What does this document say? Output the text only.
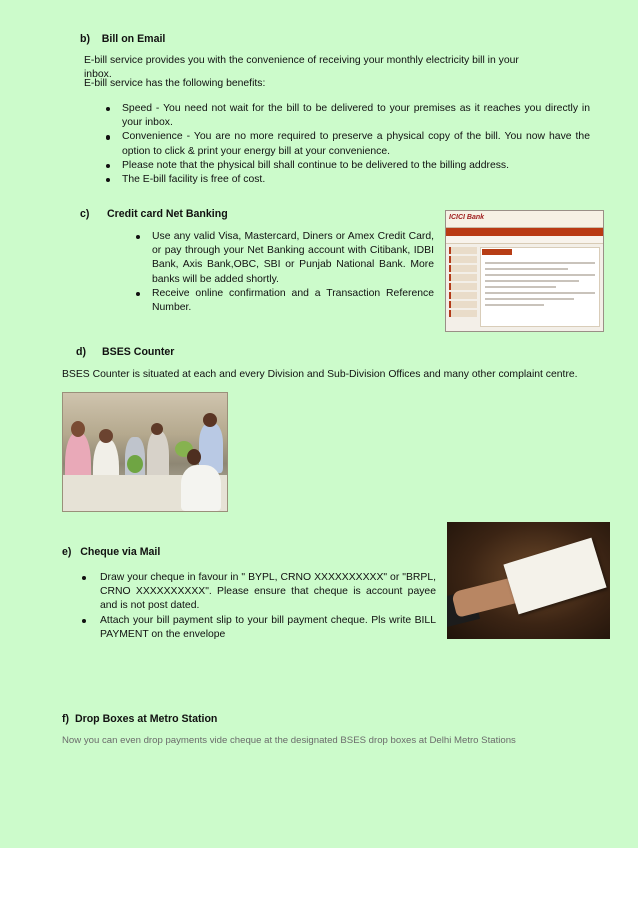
b)    Bill on Email
E-bill service provides you with the convenience of receiving your monthly electricity bill in your inbox.
E-bill service has the following benefits:
Speed - You need not wait for the bill to be delivered to your premises as it reaches you directly in your inbox.
Convenience - You are no more required to preserve a physical copy of the bill. You now have the option to click & print your energy bill at your convenience.
Please note that the physical bill shall continue to be delivered to the billing address.
The E-bill facility is free of cost.
c) Credit card Net Banking
Use any valid Visa, Mastercard, Diners or Amex Credit Card, or pay through your Net Banking account with Citibank, IDBI Bank, Axis Bank,OBC, SBI or Punjab National Bank. More banks will be added shortly.
Receive online confirmation and a Transaction Reference Number.
ICICI Bank
d) BSES Counter
BSES Counter is situated at each and every Division and Sub-Division Offices and many other complaint centre.
e)   Cheque via Mail
Draw your cheque in favour in " BYPL, CRNO XXXXXXXXXX" or "BRPL, CRNO XXXXXXXXXX". Please ensure that cheque is account payee and is not post dated.
Attach your bill payment slip to your bill payment cheque. Pls write BILL PAYMENT on the envelope
f)  Drop Boxes at Metro Station
Now you can even drop payments vide cheque at the designated BSES drop boxes at Delhi Metro Stations
